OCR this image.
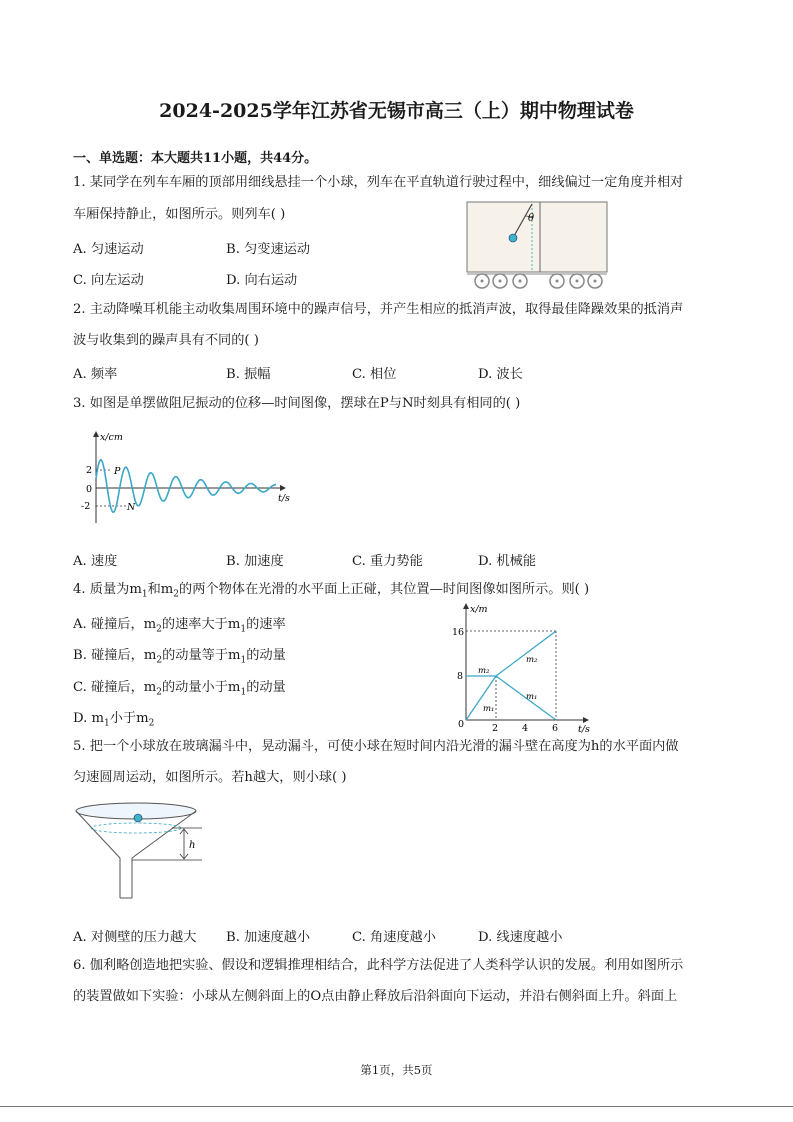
2024-2025学年江苏省无锡市高三（上）期中物理试卷
一、单选题：本大题共11小题，共44分。
1. 某同学在列车车厢的顶部用细线悬挂一个小球，列车在平直轨道行驶过程中，细线偏过一定角度并相对
车厢保持静止，如图所示。则列车( )
A. 匀速运动	B. 匀变速运动
C. 向左运动	D. 向右运动
θ
2. 主动降噪耳机能主动收集周围环境中的躁声信号，并产生相应的抵消声波，取得最佳降躁效果的抵消声
波与收集到的躁声具有不同的( )
A. 频率	B. 振幅	C. 相位	D. 波长
3. 如图是单摆做阻尼振动的位移—时间图像，摆球在P与N时刻具有相同的( )
x/cm
t/s
2
0
-2
P
N
A. 速度	B. 加速度	C. 重力势能	D. 机械能
4. 质量为$m_1$和$m_2$的两个物体在光滑的水平面上正碰，其位置—时间图像如图所示。则( )
A. 碰撞后，$m_2$的速率大于$m_1$的速率
B. 碰撞后，$m_2$的动量等于$m_1$的动量
C. 碰撞后，$m_2$的动量小于$m_1$的动量
D. $m_1$小于$m_2$
x/m
t/s
16
8
0	2	4	6
m₂
m₁
m₂
m₁
5. 把一个小球放在玻璃漏斗中，晃动漏斗，可使小球在短时间内沿光滑的漏斗壁在高度为h的水平面内做
匀速圆周运动，如图所示。若h越大，则小球( )
h
A. 对侧壁的压力越大 B. 加速度越小	C. 角速度越小	D. 线速度越小
6. 伽利略创造地把实验、假设和逻辑推理相结合，此科学方法促进了人类科学认识的发展。利用如图所示
的装置做如下实验：小球从左侧斜面上的O点由静止释放后沿斜面向下运动，并沿右侧斜面上升。斜面上
第1页，共5页
